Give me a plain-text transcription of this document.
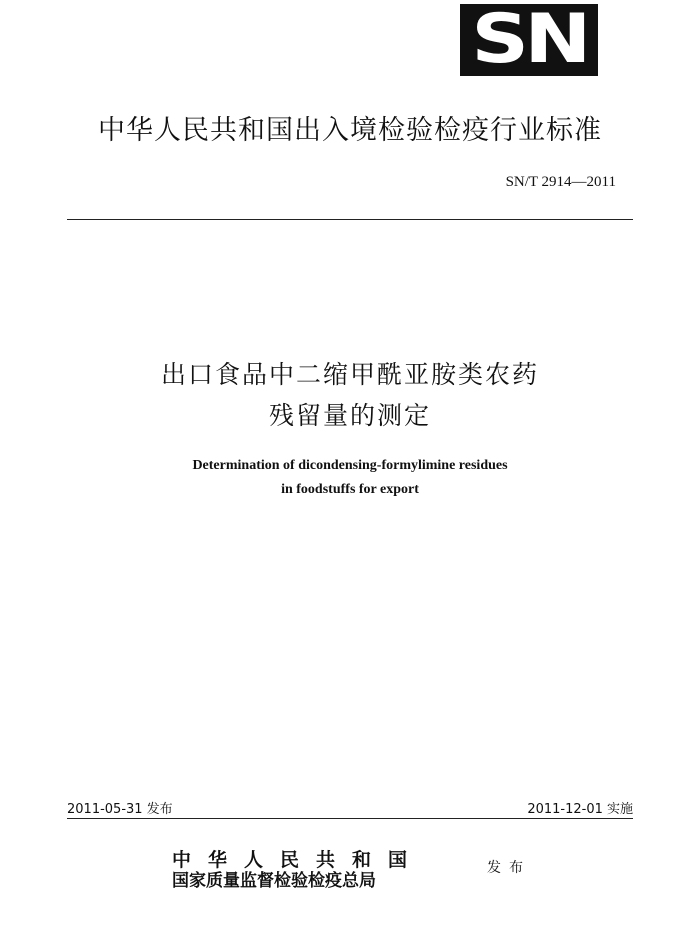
SN
中华人民共和国出入境检验检疫行业标准
SN/T 2914—2011
出口食品中二缩甲酰亚胺类农药
残留量的测定
Determination of dicondensing-formylimine residues
in foodstuffs for export
2011-05-31 发布	2011-12-01 实施
中华人民共和国
国家质量监督检验检疫总局
发布
